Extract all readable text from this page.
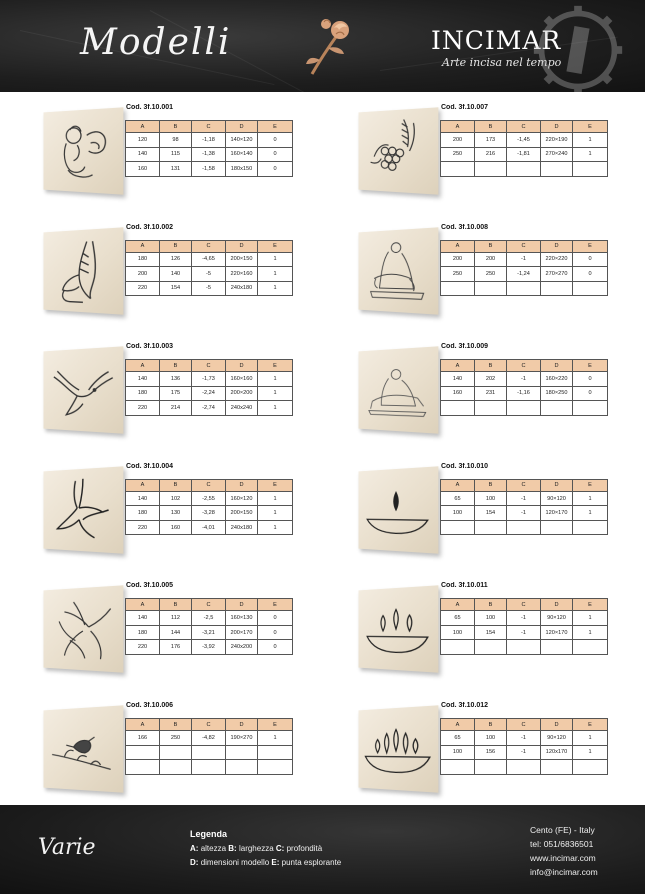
Modelli	INCIMAR
Arte incisa nel tempo
Cod. 3f.10.001
A	B	C	D	E
120	98	-1,18	140×120	0
140	115	-1,38	160×140	0
160	131	-1,58	180x150	0
Cod. 3f.10.002
A	B	C	D	E
180	126	-4,65	200×150	1
200	140	-5	220×160	1
220	154	-5	240x180	1
Cod. 3f.10.003
A	B	C	D	E
140	136	-1,73	160×160	1
180	175	-2,24	200×200	1
220	214	-2,74	240x240	1
Cod. 3f.10.004
A	B	C	D	E
140	102	-2,55	160×120	1
180	130	-3,28	200×150	1
220	160	-4,01	240x180	1
Cod. 3f.10.005
A	B	C	D	E
140	112	-2,5	160×130	0
180	144	-3,21	200×170	0
220	176	-3,92	240x200	0
Cod. 3f.10.006
A	B	C	D	E
166	250	-4,82	190×270	1

Cod. 3f.10.007
A	B	C	D	E
200	173	-1,45	220×190	1
250	216	-1,81	270×240	1

Cod. 3f.10.008
A	B	C	D	E
200	200	-1	220×220	0
250	250	-1,24	270×270	0

Cod. 3f.10.009
A	B	C	D	E
140	202	-1	160×220	0
160	231	-1,16	180×250	0

Cod. 3f.10.010
A	B	C	D	E
65	100	-1	90×120	1
100	154	-1	120×170	1

Cod. 3f.10.011
A	B	C	D	E
65	100	-1	90×120	1
100	154	-1	120×170	1

Cod. 3f.10.012
A	B	C	D	E
65	100	-1	90×120	1
100	156	-1	120x170	1

Varie
Legenda
A: altezza B: larghezza C: profondità
D: dimensioni modello E: punta esplorante
Cento (FE) - Italy
tel: 051/6836501
www.incimar.com
info@incimar.com
